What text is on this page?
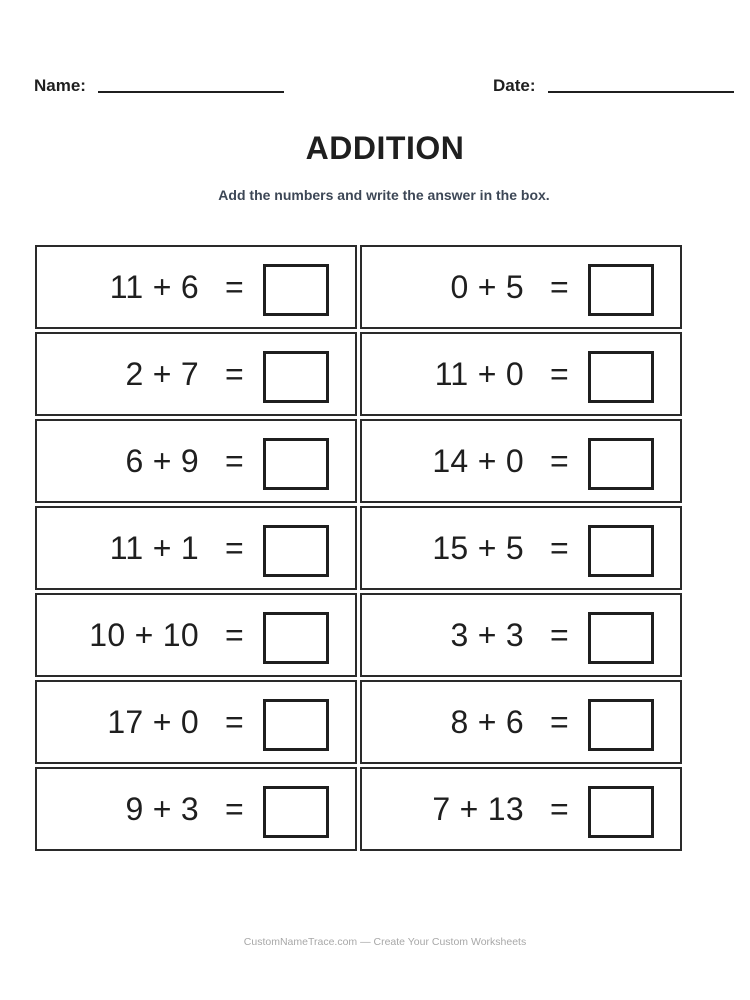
Name:	Date:
ADDITION
Add the numbers and write the answer in the box.
11 + 6 =	0 + 5 =
2 + 7 =	11 + 0 =
6 + 9 =	14 + 0 =
11 + 1 =	15 + 5 =
10 + 10 =	3 + 3 =
17 + 0 =	8 + 6 =
9 + 3 =	7 + 13 =
CustomNameTrace.com — Create Your Custom Worksheets
